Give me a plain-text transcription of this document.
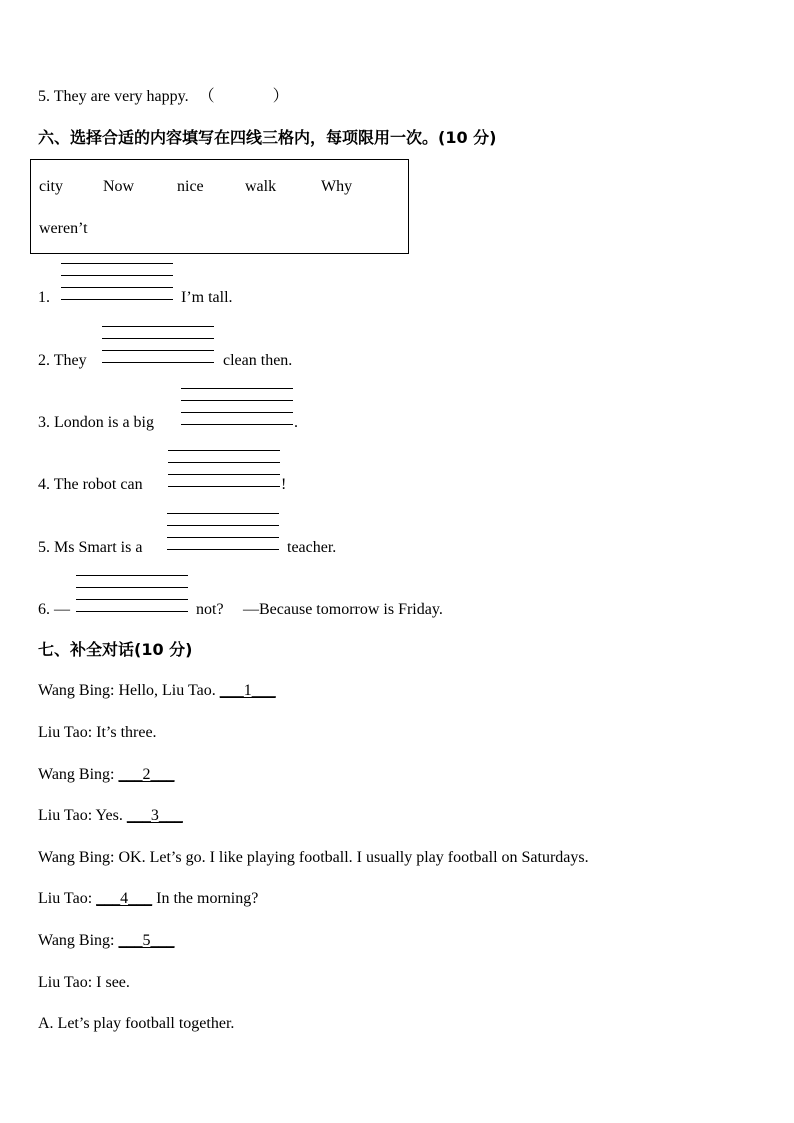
5. They are very happy. （	）
六、选择合适的内容填写在四线三格内，每项限用一次。(10 分)
city	Now	nice	walk	Why
weren’t
1.	I’m tall.
2. They	clean then.
3. London is a big	.
4. The robot can	!
5. Ms Smart is a	teacher.
6. —	not? —Because tomorrow is Friday.
七、补全对话(10 分)
Wang Bing: Hello, Liu Tao. ___1___
Liu Tao: It’s three.
Wang Bing: ___2___
Liu Tao: Yes. ___3___
Wang Bing: OK. Let’s go. I like playing football. I usually play football on Saturdays.
Liu Tao: ___4___ In the morning?
Wang Bing: ___5___
Liu Tao: I see.
A. Let’s play football together.
